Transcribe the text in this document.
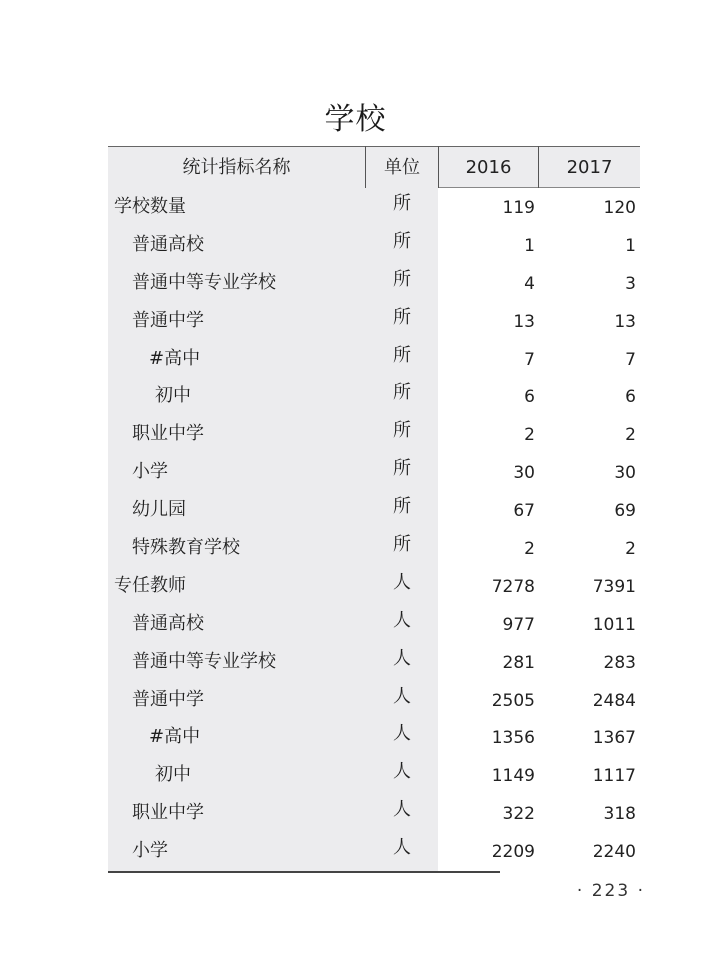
学校
统计指标名称	单位	2016	2017
学校数量	所	119	120
普通高校	所	1	1
普通中等专业学校	所	4	3
普通中学	所	13	13
#高中	所	7	7
初中	所	6	6
职业中学	所	2	2
小学	所	30	30
幼儿园	所	67	69
特殊教育学校	所	2	2
专任教师	人	7278	7391
普通高校	人	977	1011
普通中等专业学校	人	281	283
普通中学	人	2505	2484
#高中	人	1356	1367
初中	人	1149	1117
职业中学	人	322	318
小学	人	2209	2240
· 223 ·
